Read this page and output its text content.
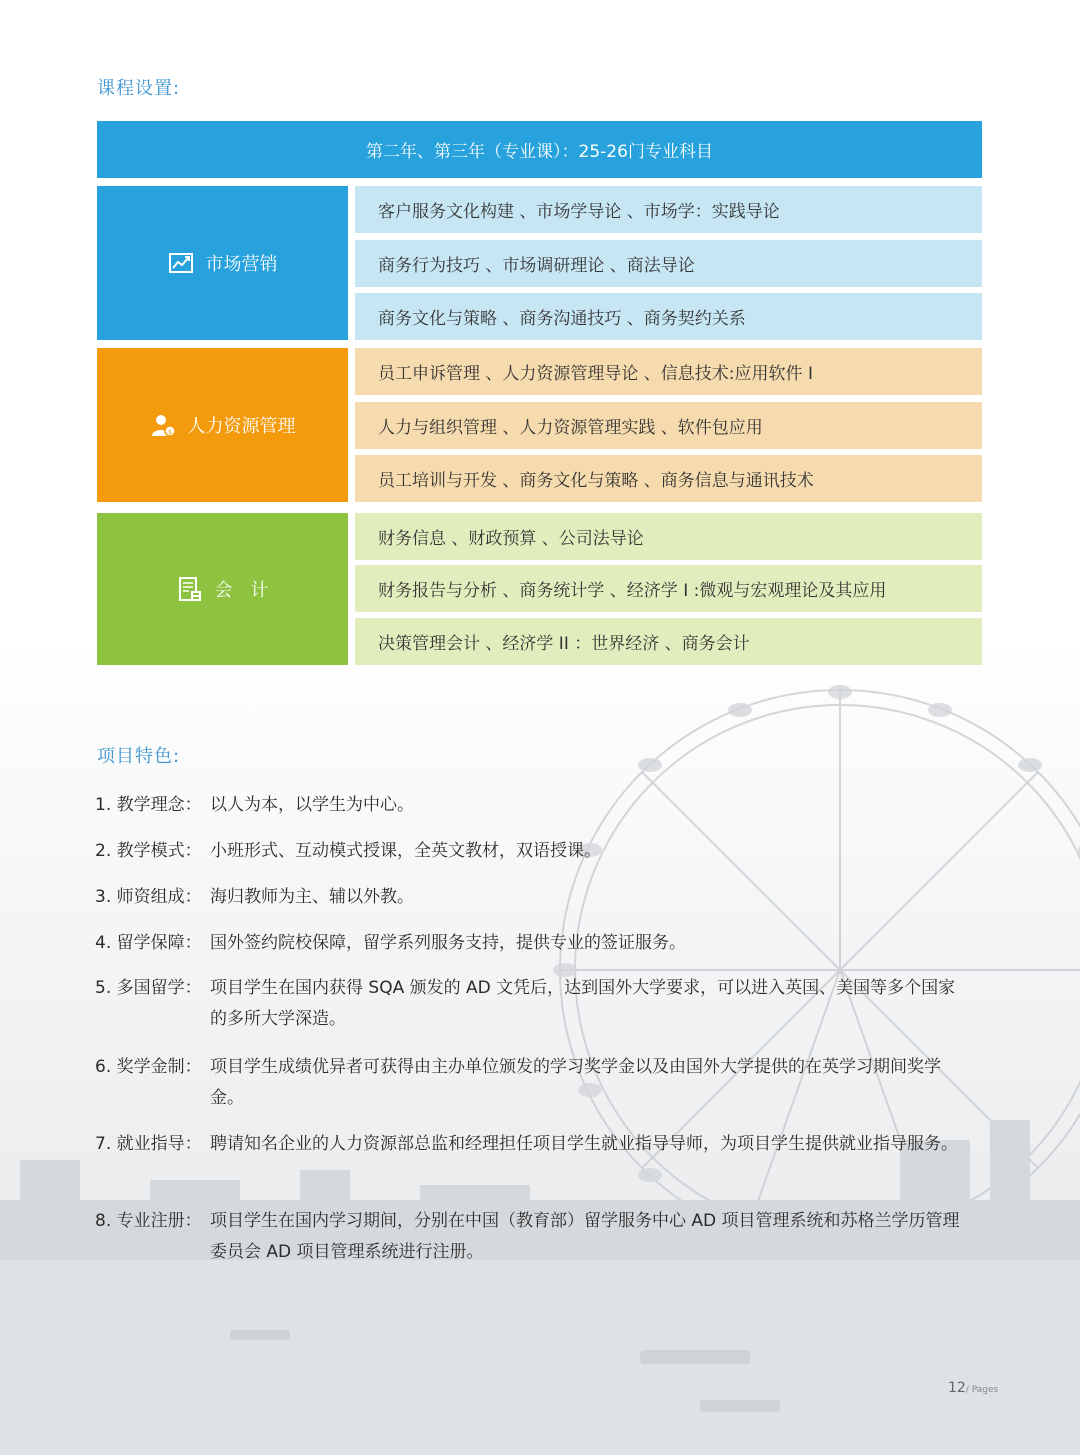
课程设置:
第二年、第三年（专业课）：25-26门专业科目
市场营销
客户服务文化构建 、市场学导论 、市场学：实践导论
商务行为技巧 、市场调研理论 、商法导论
商务文化与策略 、商务沟通技巧 、商务契约关系
$ 人力资源管理
员工申诉管理 、人力资源管理导论 、信息技术:应用软件 I
人力与组织管理 、人力资源管理实践 、软件包应用
员工培训与开发 、商务文化与策略 、商务信息与通讯技术
会　计
财务信息 、财政预算 、公司法导论
财务报告与分析 、商务统计学 、经济学 I :微观与宏观理论及其应用
决策管理会计 、经济学 II ：世界经济 、商务会计
项目特色:
1. 教学理念： 以人为本，以学生为中心。
2. 教学模式： 小班形式、互动模式授课，全英文教材，双语授课。
3. 师资组成： 海归教师为主、辅以外教。
4. 留学保障： 国外签约院校保障，留学系列服务支持，提供专业的签证服务。
5. 多国留学： 项目学生在国内获得 SQA 颁发的 AD 文凭后，达到国外大学要求，可以进入英国、美国等多个国家的多所大学深造。
6. 奖学金制： 项目学生成绩优异者可获得由主办单位颁发的学习奖学金以及由国外大学提供的在英学习期间奖学金。
7. 就业指导： 聘请知名企业的人力资源部总监和经理担任项目学生就业指导导师，为项目学生提供就业指导服务。
8. 专业注册： 项目学生在国内学习期间，分别在中国（教育部）留学服务中心 AD 项目管理系统和苏格兰学历管理委员会 AD 项目管理系统进行注册。
12/ Pages
